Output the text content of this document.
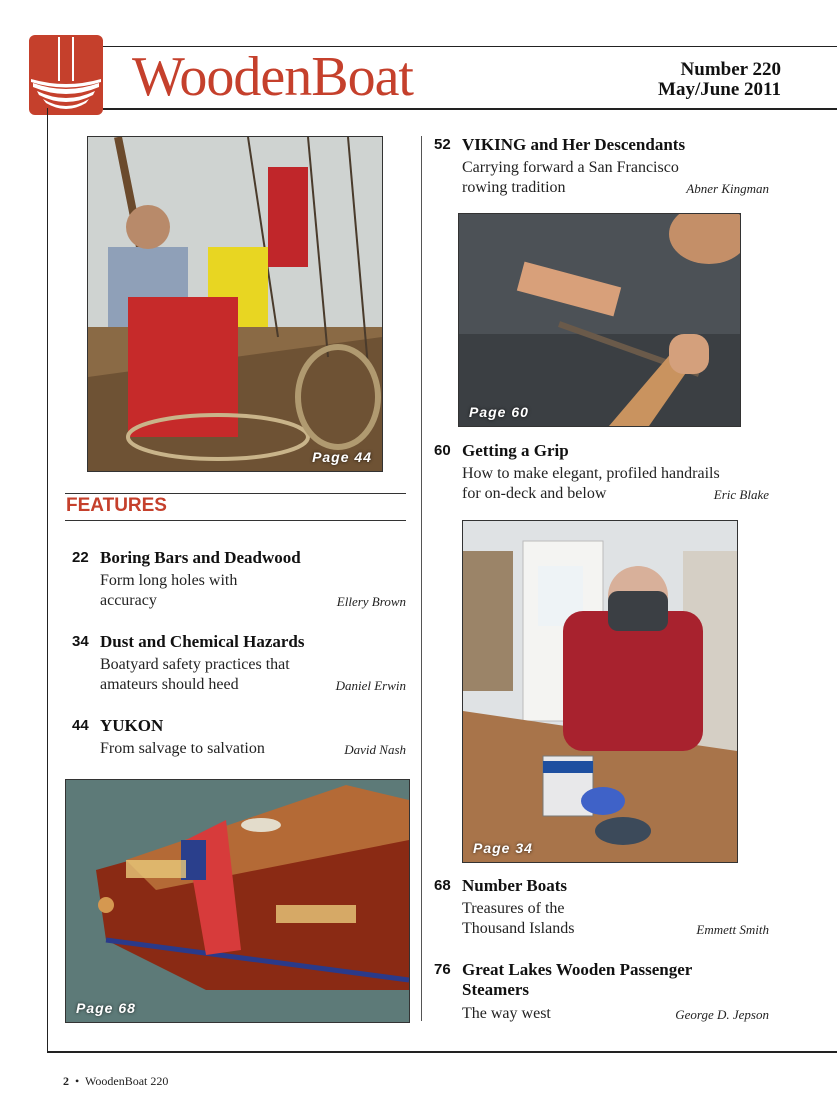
WoodenBoat	Number 220
May/June 2011
Page 44
Page 60
Page 34
Page 68
FEATURES
22 Boring Bars and Deadwood
Form long holes with
accuracy	Ellery Brown
34 Dust and Chemical Hazards
Boatyard safety practices that
amateurs should heed	Daniel Erwin
44 YUKON
From salvage to salvation	David Nash
52 VIKING and Her Descendants
Carrying forward a San Francisco
rowing tradition	Abner Kingman
60 Getting a Grip
How to make elegant, profiled handrails
for on-deck and below	Eric Blake
68 Number Boats
Treasures of the
Thousand Islands	Emmett Smith
76 Great Lakes Wooden Passenger
Steamers
The way west	George D. Jepson
2 • WoodenBoat 220
